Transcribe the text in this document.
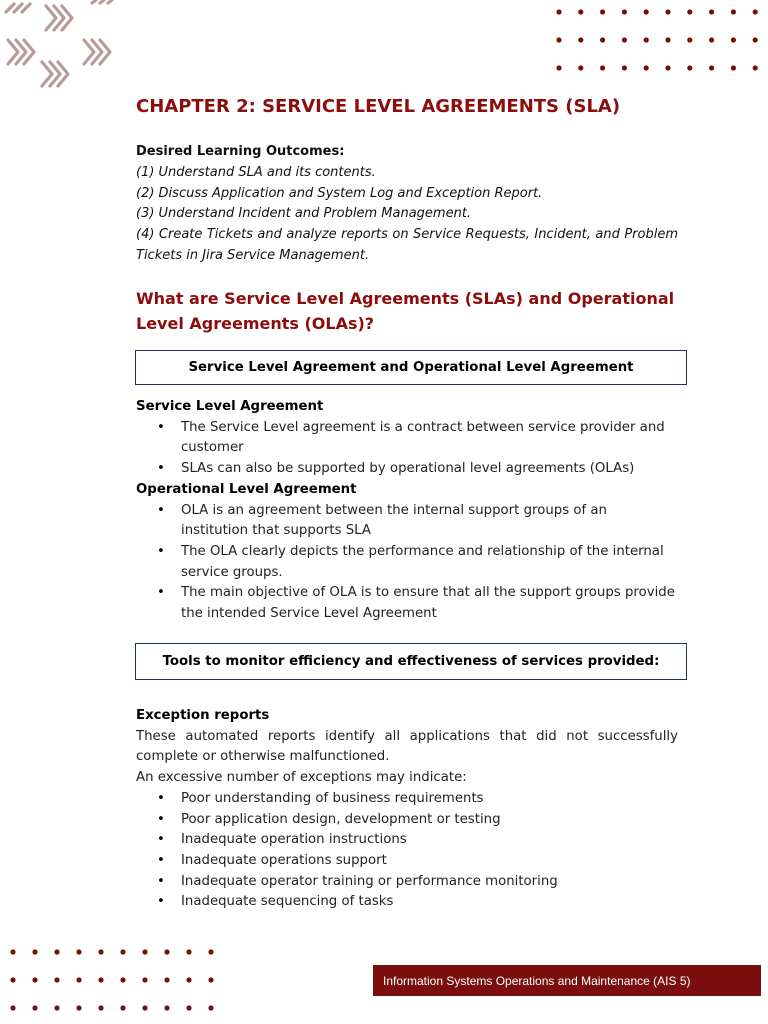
CHAPTER 2: SERVICE LEVEL AGREEMENTS (SLA)
Desired Learning Outcomes:
(1) Understand SLA and its contents.
(2) Discuss Application and System Log and Exception Report.
(3) Understand Incident and Problem Management.
(4) Create Tickets and analyze reports on Service Requests, Incident, and Problem Tickets in Jira Service Management.
What are Service Level Agreements (SLAs) and Operational Level Agreements (OLAs)?
Service Level Agreement and Operational Level Agreement
Service Level Agreement
• The Service Level agreement is a contract between service provider and customer
• SLAs can also be supported by operational level agreements (OLAs)
Operational Level Agreement
• OLA is an agreement between the internal support groups of an institution that supports SLA
• The OLA clearly depicts the performance and relationship of the internal service groups.
• The main objective of OLA is to ensure that all the support groups provide the intended Service Level Agreement
Tools to monitor efficiency and effectiveness of services provided:
Exception reports

These automated reports identify all applications that did not successfully complete or otherwise malfunctioned.

An excessive number of exceptions may indicate:

• Poor understanding of business requirements
• Poor application design, development or testing
• Inadequate operation instructions
• Inadequate operations support
• Inadequate operator training or performance monitoring
• Inadequate sequencing of tasks
Information Systems Operations and Maintenance (AIS 5)
